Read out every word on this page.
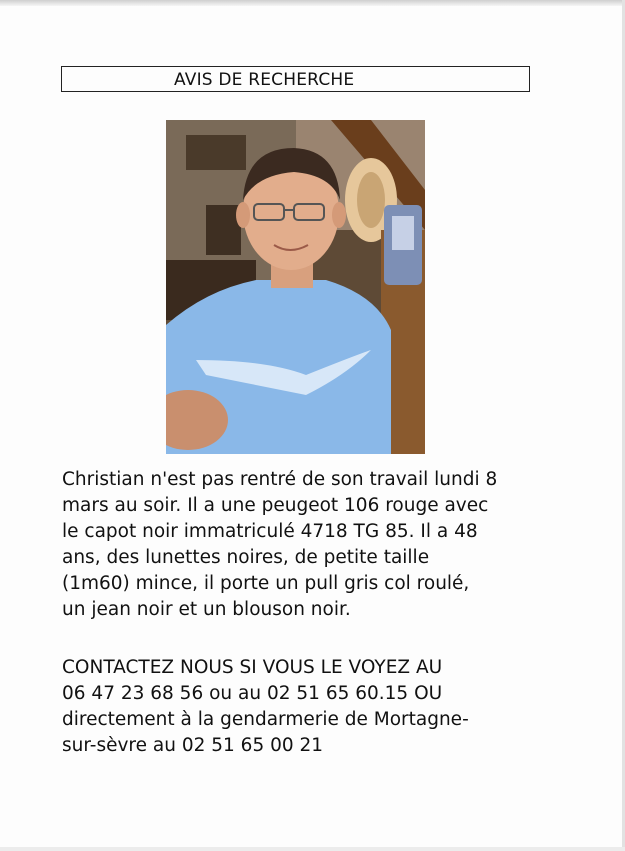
AVIS DE RECHERCHE

Christian n'est pas rentré de son travail lundi 8
mars au soir. Il a une peugeot 106 rouge avec
le capot noir immatriculé 4718 TG 85. Il a 48
ans, des lunettes noires, de petite taille
(1m60) mince, il porte un pull gris col roulé,
un jean noir et un blouson noir.

CONTACTEZ NOUS SI VOUS LE VOYEZ AU
06 47 23 68 56 ou au 02 51 65 60.15 OU
directement à la gendarmerie de Mortagne-
sur-sèvre au 02 51 65 00 21
